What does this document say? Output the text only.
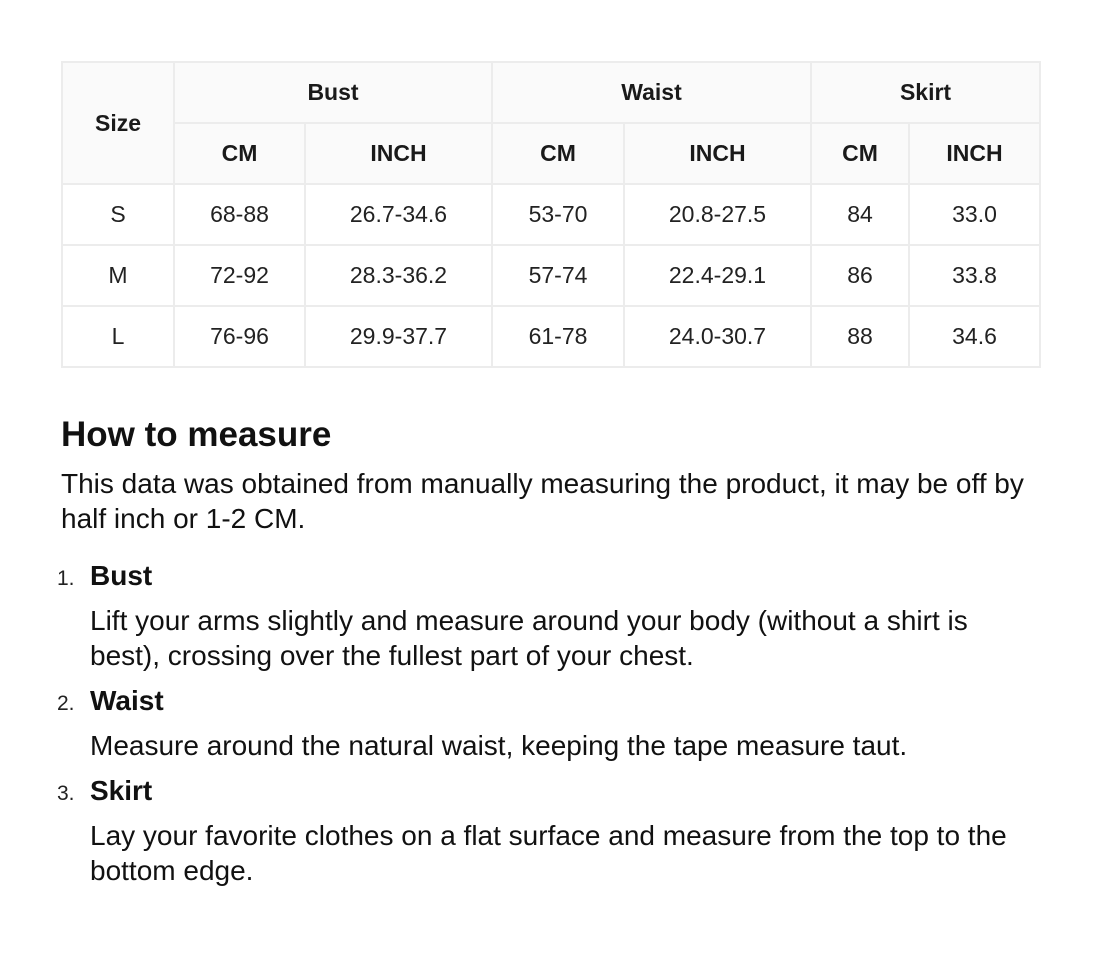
Size	Bust		Waist		Skirt	
	CM	INCH	CM	INCH	CM	INCH
S	68-88	26.7-34.6	53-70	20.8-27.5	84	33.0
M	72-92	28.3-36.2	57-74	22.4-29.1	86	33.8
L	76-96	29.9-37.7	61-78	24.0-30.7	88	34.6
How to measure

This data was obtained from manually measuring the product, it may be off by half inch or 1-2 CM.

1. Bust
Lift your arms slightly and measure around your body (without a shirt is best), crossing over the fullest part of your chest.
2. Waist
Measure around the natural waist, keeping the tape measure taut.
3. Skirt
Lay your favorite clothes on a flat surface and measure from the top to the bottom edge.
